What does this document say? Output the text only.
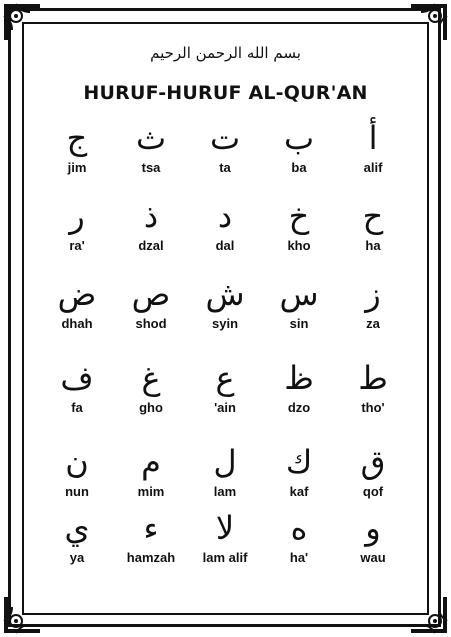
بسم الله الرحمن الرحيم
HURUF-HURUF AL-QUR'AN
أ
alif
ب
ba
ت
ta
ث
tsa
ج
jim
ح
ha
خ
kho
د
dal
ذ
dzal
ر
ra'
ز
za
س
sin
ش
syin
ص
shod
ض
dhah
ط
tho'
ظ
dzo
ع
'ain
غ
gho
ف
fa
ق
qof
ك
kaf
ل
lam
م
mim
ن
nun
و
wau
ه
ha'
لا
lam alif
ء
hamzah
ي
ya
